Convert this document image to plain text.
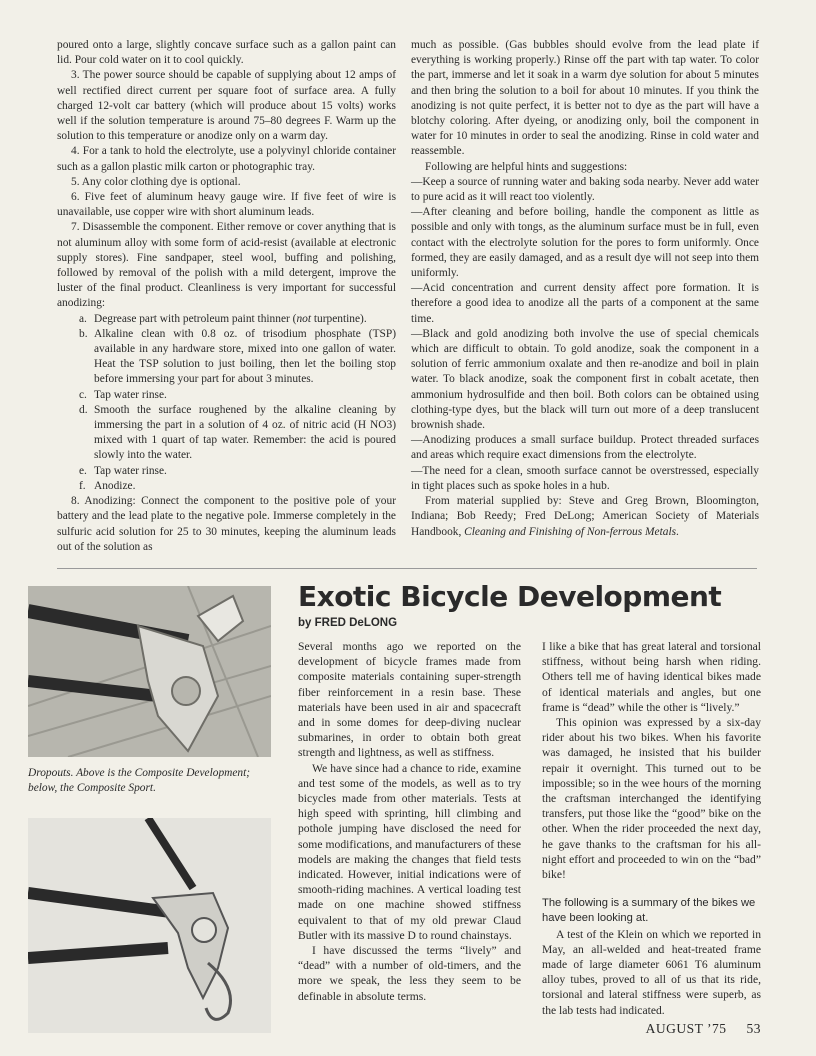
poured onto a large, slightly concave surface such as a gallon paint can lid. Pour cold water on it to cool quickly.

3. The power source should be capable of supplying about 12 amps of well rectified direct current per square foot of surface area. A fully charged 12-volt car battery (which will produce about 15 volts) works well if the solution temperature is around 75–80 degrees F. Warm up the solution to this temperature or anodize only on a warm day.

4. For a tank to hold the electrolyte, use a polyvinyl chloride container such as a gallon plastic milk carton or photographic tray.

5. Any color clothing dye is optional.

6. Five feet of aluminum heavy gauge wire. If five feet of wire is unavailable, use copper wire with short aluminum leads.

7. Disassemble the component. Either remove or cover anything that is not aluminum alloy with some form of acid-resist (available at electronic supply stores). Fine sandpaper, steel wool, buffing and polishing, followed by removal of the polish with a mild detergent, improve the luster of the final product. Cleanliness is very important for successful anodizing:

a. Degrease part with petroleum paint thinner (not turpentine).
b. Alkaline clean with 0.8 oz. of trisodium phosphate (TSP) available in any hardware store, mixed into one gallon of water. Heat the TSP solution to just boiling, then let the boiling stop before immersing your part for about 3 minutes.
c. Tap water rinse.
d. Smooth the surface roughened by the alkaline cleaning by immersing the part in a solution of 4 oz. of nitric acid (H NO3) mixed with 1 quart of tap water. Remember: the acid is poured slowly into the water.
e. Tap water rinse.
f. Anodize.

8. Anodizing: Connect the component to the positive pole of your battery and the lead plate to the negative pole. Immerse completely in the sulfuric acid solution for 25 to 30 minutes, keeping the aluminum leads out of the solution as

much as possible. (Gas bubbles should evolve from the lead plate if everything is working properly.) Rinse off the part with tap water. To color the part, immerse and let it soak in a warm dye solution for about 5 minutes and then bring the solution to a boil for about 10 minutes. If you think the anodizing is not quite perfect, it is better not to dye as the part will have a blotchy coloring. After dyeing, or anodizing only, boil the component in water for 10 minutes in order to seal the anodizing. Rinse in cold water and reassemble.

Following are helpful hints and suggestions:

—Keep a source of running water and baking soda nearby. Never add water to pure acid as it will react too violently.

—After cleaning and before boiling, handle the component as little as possible and only with tongs, as the aluminum surface must be in full, even contact with the electrolyte solution for the pores to form uniformly. Once formed, they are easily damaged, and as a result dye will not seep into them uniformly.

—Acid concentration and current density affect pore formation. It is therefore a good idea to anodize all the parts of a component at the same time.

—Black and gold anodizing both involve the use of special chemicals which are difficult to obtain. To gold anodize, soak the component in a solution of ferric ammonium oxalate and then re-anodize and boil in plain water. To black anodize, soak the component first in cobalt acetate, then ammonium hydrosulfide and then boil. Both colors can be obtained using clothing-type dyes, but the black will turn out more of a deep translucent brownish shade.

—Anodizing produces a small surface buildup. Protect threaded surfaces and areas which require exact dimensions from the electrolyte.

—The need for a clean, smooth surface cannot be overstressed, especially in tight places such as spoke holes in a hub.

From material supplied by: Steve and Greg Brown, Bloomington, Indiana; Bob Reedy; Fred DeLong; American Society of Materials Handbook, Cleaning and Finishing of Non-ferrous Metals.

Dropouts. Above is the Composite Development; below, the Composite Sport.
Exotic Bicycle Development
by FRED DeLONG

Several months ago we reported on the development of bicycle frames made from composite materials containing super-strength fiber reinforcement in a resin base. These materials have been used in air and spacecraft and in some domes for deep-diving nuclear submarines, in order to obtain both great strength and lightness, as well as stiffness.

We have since had a chance to ride, examine and test some of the models, as well as to try bicycles made from other materials. Tests at high speed with sprinting, hill climbing and pothole jumping have disclosed the need for some modifications, and manufacturers of these models are making the changes that field tests indicated. However, initial indications were of smooth-riding machines. A vertical loading test made on one machine showed stiffness equivalent to that of my old prewar Claud Butler with its massive D to round chainstays.

I have discussed the terms “lively” and “dead” with a number of old-timers, and the more we speak, the less they seem to be definable in absolute terms.

I like a bike that has great lateral and torsional stiffness, without being harsh when riding. Others tell me of having identical bikes made of identical materials and angles, but one frame is “dead” while the other is “lively.”

This opinion was expressed by a six-day rider about his two bikes. When his favorite was damaged, he insisted that his builder repair it overnight. This turned out to be impossible; so in the wee hours of the morning the craftsman interchanged the identifying transfers, put those like the “good” bike on the other. When the rider proceeded the next day, he gave thanks to the craftsman for his all-night effort and proceeded to win on the “bad” bike!

The following is a summary of the bikes we have been looking at.

A test of the Klein on which we reported in May, an all-welded and heat-treated frame made of large diameter 6061 T6 aluminum alloy tubes, proved to all of us that its ride, torsional and lateral stiffness were superb, as the lab tests had indicated.

AUGUST ’75 53
